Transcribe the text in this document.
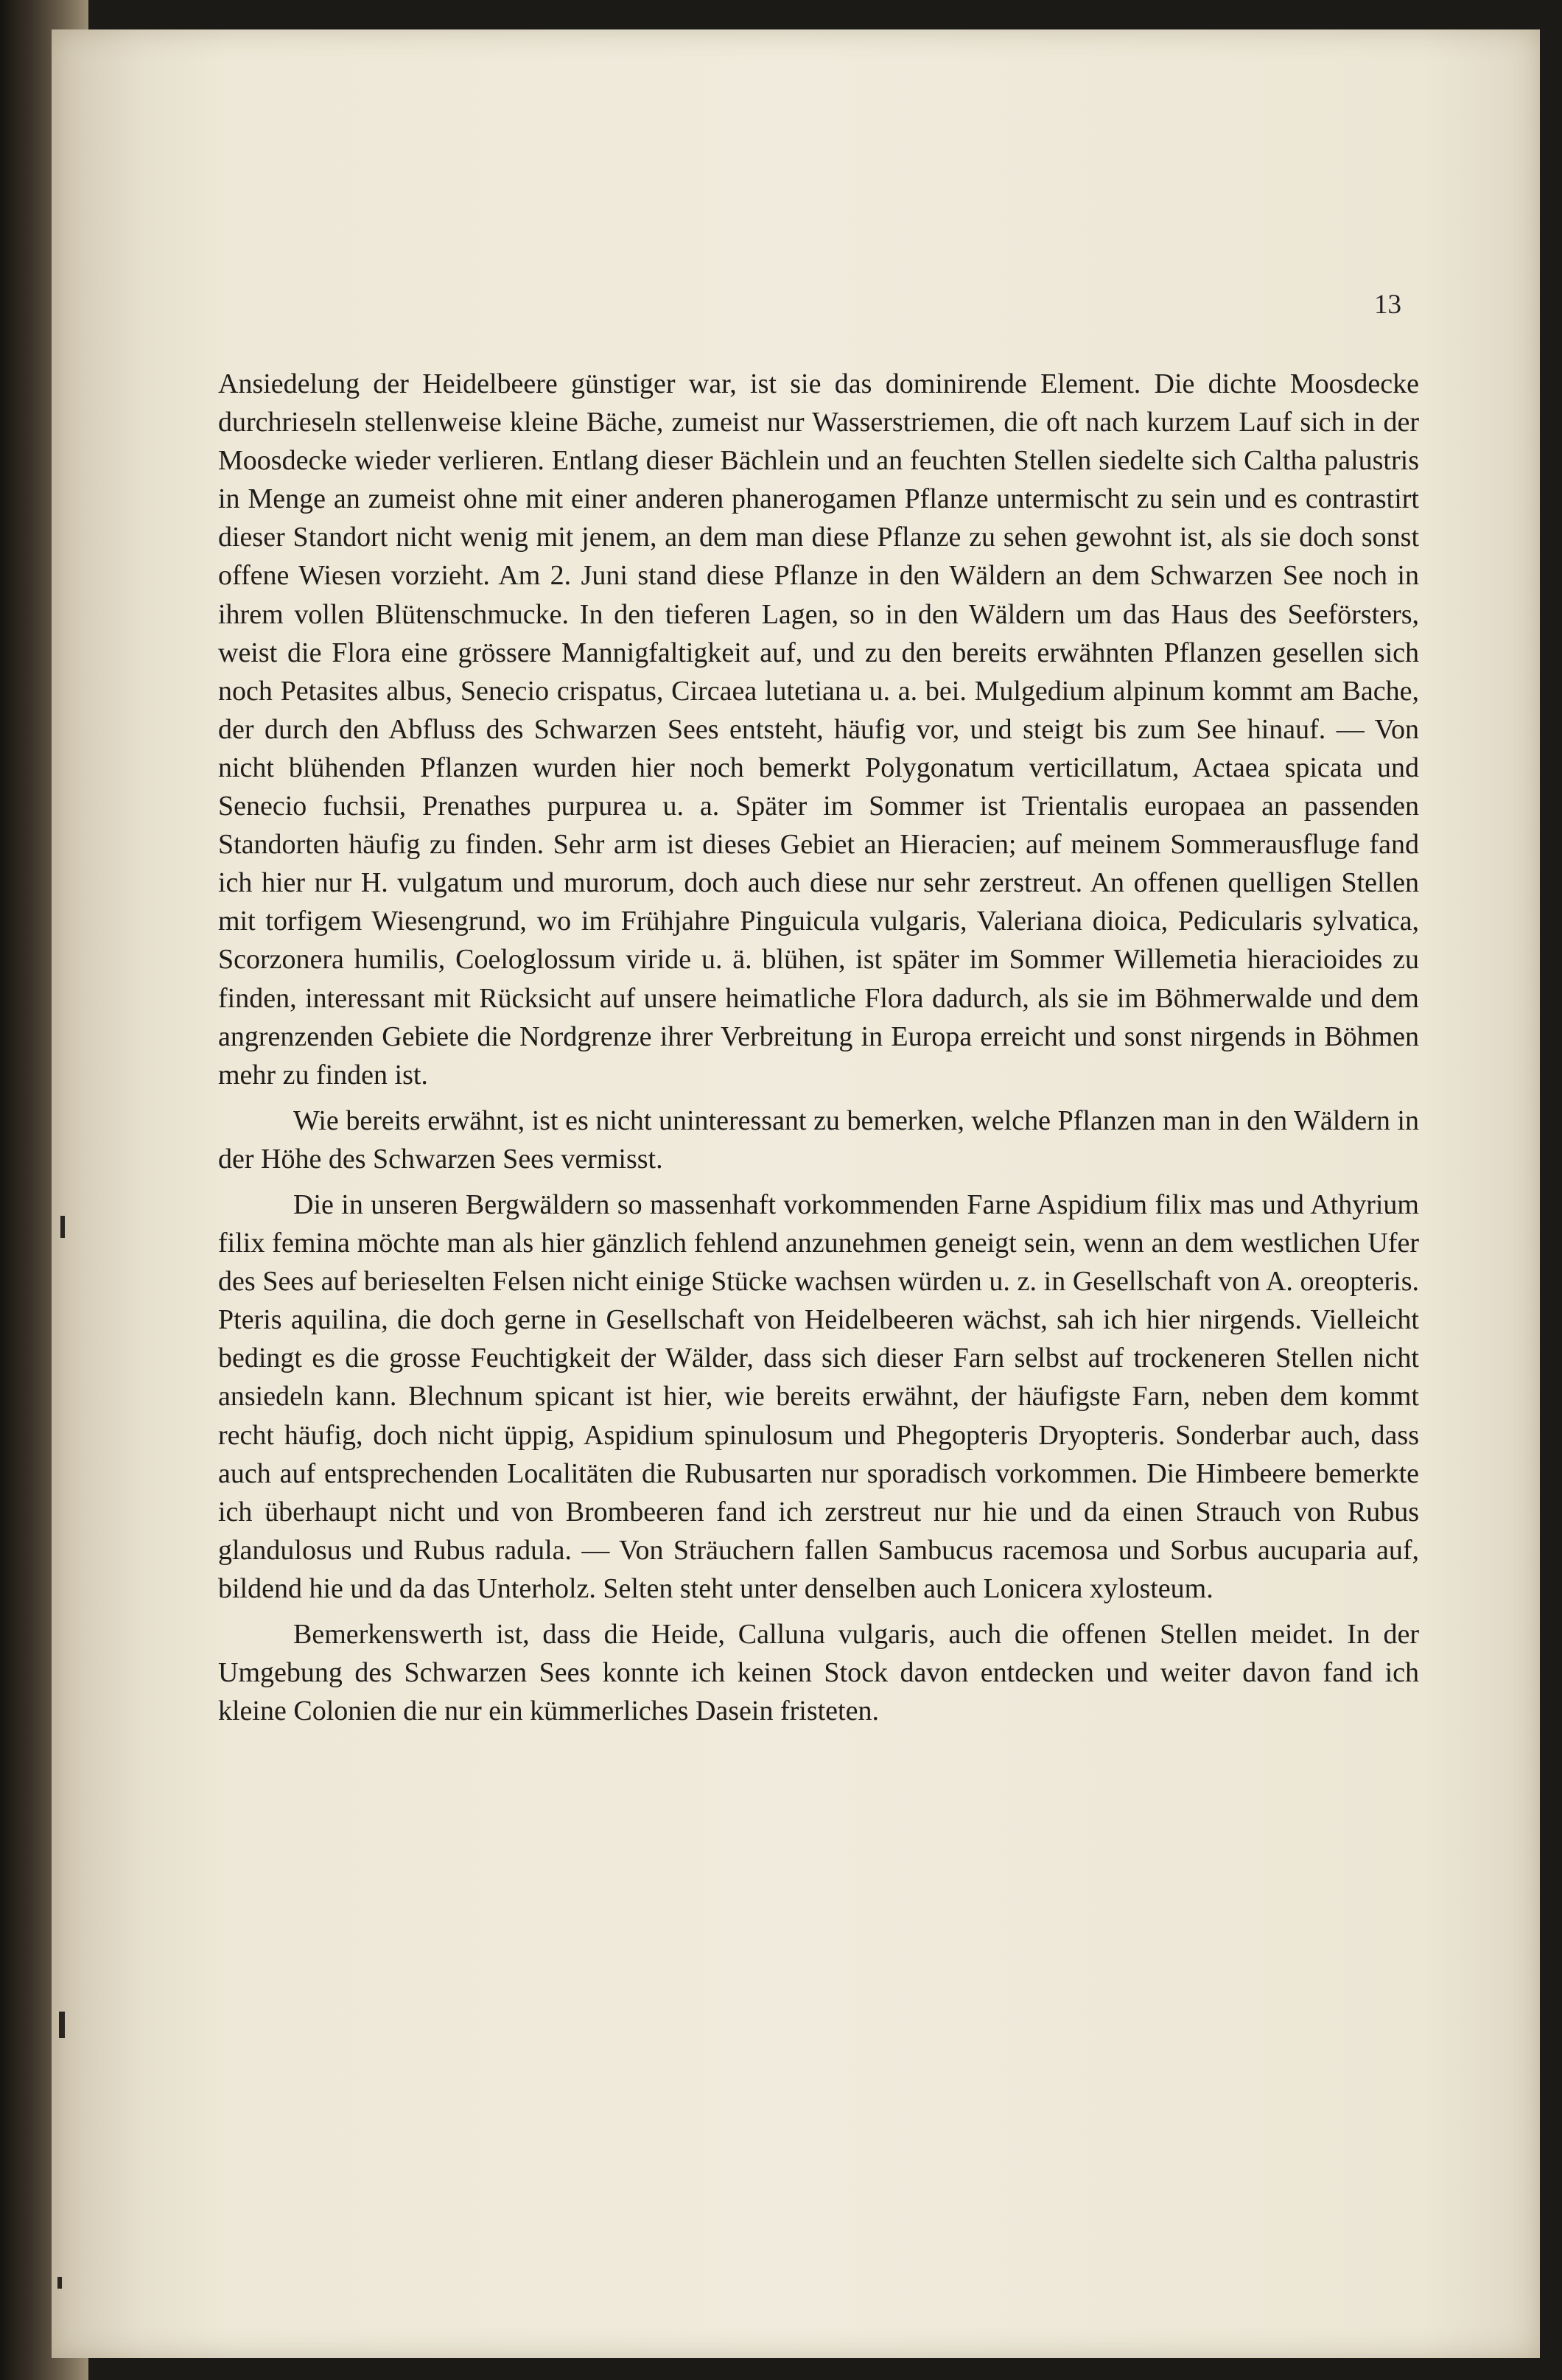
13

Ansiedelung der Heidelbeere günstiger war, ist sie das dominirende Element. Die dichte Moosdecke durchrieseln stellenweise kleine Bäche, zumeist nur Wasserstriemen, die oft nach kurzem Lauf sich in der Moosdecke wieder verlieren. Entlang dieser Bächlein und an feuchten Stellen siedelte sich Caltha palustris in Menge an zumeist ohne mit einer anderen phanerogamen Pflanze untermischt zu sein und es contrastirt dieser Standort nicht wenig mit jenem, an dem man diese Pflanze zu sehen gewohnt ist, als sie doch sonst offene Wiesen vorzieht. Am 2. Juni stand diese Pflanze in den Wäldern an dem Schwarzen See noch in ihrem vollen Blütenschmucke. In den tieferen Lagen, so in den Wäldern um das Haus des Seeförsters, weist die Flora eine grössere Mannigfaltigkeit auf, und zu den bereits erwähnten Pflanzen gesellen sich noch Petasites albus, Senecio crispatus, Circaea lutetiana u. a. bei. Mulgedium alpinum kommt am Bache, der durch den Abfluss des Schwarzen Sees entsteht, häufig vor, und steigt bis zum See hinauf. — Von nicht blühenden Pflanzen wurden hier noch bemerkt Polygonatum verticillatum, Actaea spicata und Senecio fuchsii, Prenathes purpurea u. a. Später im Sommer ist Trientalis europaea an passenden Standorten häufig zu finden. Sehr arm ist dieses Gebiet an Hieracien; auf meinem Sommerausfluge fand ich hier nur H. vulgatum und murorum, doch auch diese nur sehr zerstreut. An offenen quelligen Stellen mit torfigem Wiesengrund, wo im Frühjahre Pinguicula vulgaris, Valeriana dioica, Pedicularis sylvatica, Scorzonera humilis, Coeloglossum viride u. ä. blühen, ist später im Sommer Willemetia hieracioides zu finden, interessant mit Rücksicht auf unsere heimatliche Flora dadurch, als sie im Böhmerwalde und dem angrenzenden Gebiete die Nordgrenze ihrer Verbreitung in Europa erreicht und sonst nirgends in Böhmen mehr zu finden ist.

Wie bereits erwähnt, ist es nicht uninteressant zu bemerken, welche Pflanzen man in den Wäldern in der Höhe des Schwarzen Sees vermisst.

Die in unseren Bergwäldern so massenhaft vorkommenden Farne Aspidium filix mas und Athyrium filix femina möchte man als hier gänzlich fehlend anzunehmen geneigt sein, wenn an dem westlichen Ufer des Sees auf berieselten Felsen nicht einige Stücke wachsen würden u. z. in Gesellschaft von A. oreopteris. Pteris aquilina, die doch gerne in Gesellschaft von Heidelbeeren wächst, sah ich hier nirgends. Vielleicht bedingt es die grosse Feuchtigkeit der Wälder, dass sich dieser Farn selbst auf trockeneren Stellen nicht ansiedeln kann. Blechnum spicant ist hier, wie bereits erwähnt, der häufigste Farn, neben dem kommt recht häufig, doch nicht üppig, Aspidium spinulosum und Phegopteris Dryopteris. Sonderbar auch, dass auch auf entsprechenden Localitäten die Rubusarten nur sporadisch vorkommen. Die Himbeere bemerkte ich überhaupt nicht und von Brombeeren fand ich zerstreut nur hie und da einen Strauch von Rubus glandulosus und Rubus radula. — Von Sträuchern fallen Sambucus racemosa und Sorbus aucuparia auf, bildend hie und da das Unterholz. Selten steht unter denselben auch Lonicera xylosteum.

Bemerkenswerth ist, dass die Heide, Calluna vulgaris, auch die offenen Stellen meidet. In der Umgebung des Schwarzen Sees konnte ich keinen Stock davon entdecken und weiter davon fand ich kleine Colonien die nur ein kümmerliches Dasein fristeten.
